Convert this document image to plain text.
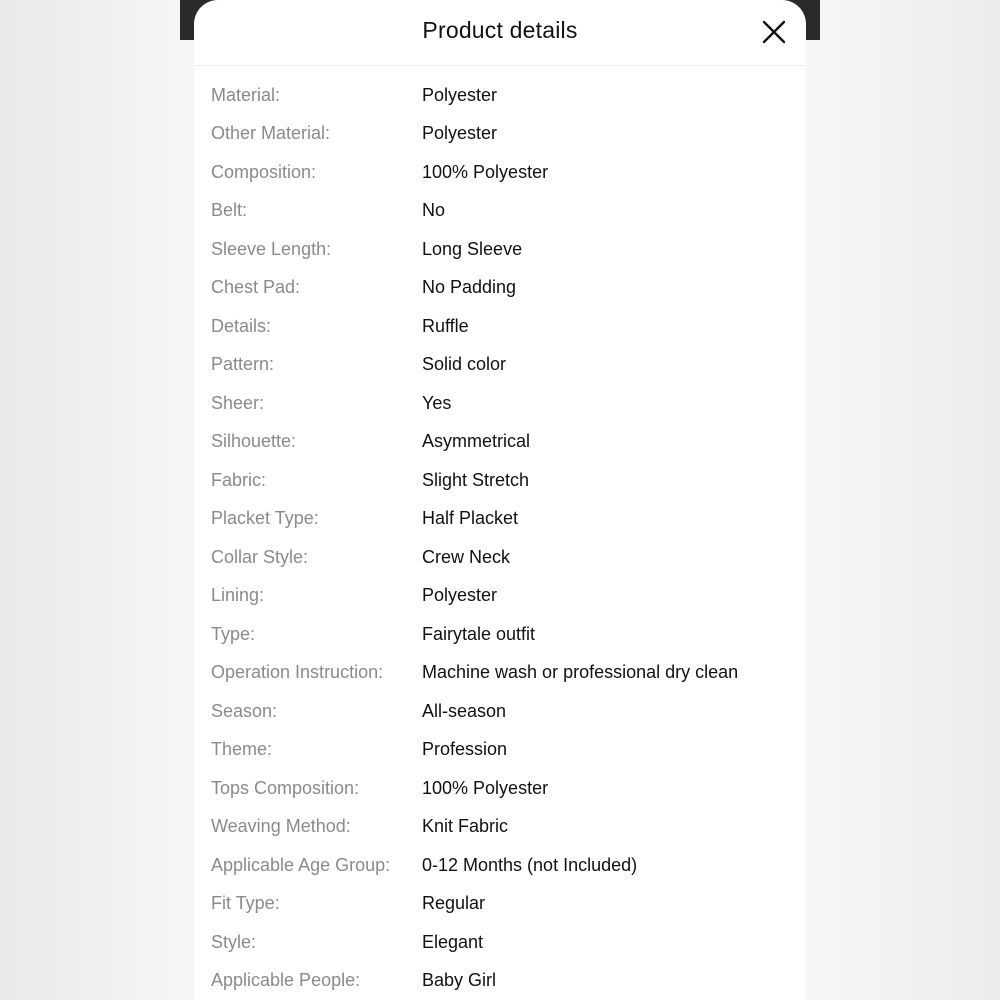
Product details
Material:	Polyester
Other Material:	Polyester
Composition:	100% Polyester
Belt:	No
Sleeve Length:	Long Sleeve
Chest Pad:	No Padding
Details:	Ruffle
Pattern:	Solid color
Sheer:	Yes
Silhouette:	Asymmetrical
Fabric:	Slight Stretch
Placket Type:	Half Placket
Collar Style:	Crew Neck
Lining:	Polyester
Type:	Fairytale outfit
Operation Instruction:	Machine wash or professional dry clean
Season:	All-season
Theme:	Profession
Tops Composition:	100% Polyester
Weaving Method:	Knit Fabric
Applicable Age Group:	0-12 Months (not Included)
Fit Type:	Regular
Style:	Elegant
Applicable People:	Baby Girl
